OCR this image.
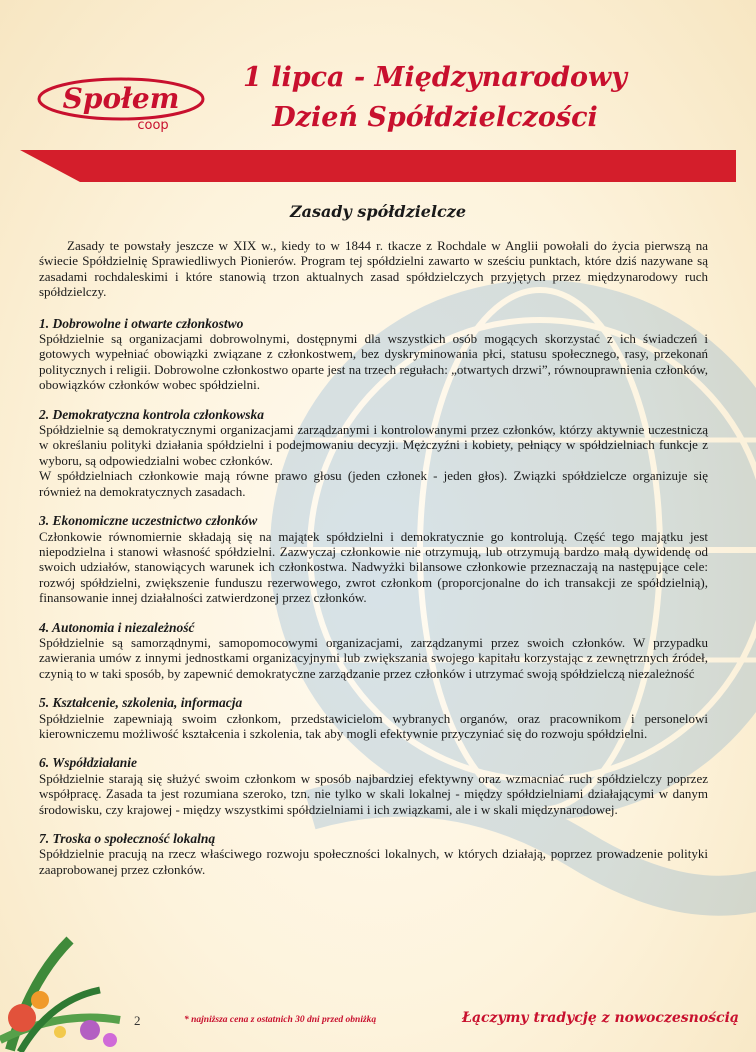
Społem
coop
1 lipca - Międzynarodowy
Dzień Spółdzielczości
Zasady spółdzielcze

Zasady te powstały jeszcze w XIX w., kiedy to w 1844 r. tkacze z Rochdale w Anglii powołali do życia pierwszą na świecie Spółdzielnię Sprawiedliwych Pionierów. Program tej spółdzielni zawarto w sześciu punktach, które dziś nazywane są zasadami rochdaleskimi i które stanowią trzon aktualnych zasad spółdzielczych przyjętych przez międzynarodowy ruch spółdzielczy.

1. Dobrowolne i otwarte członkostwo

Spółdzielnie są organizacjami dobrowolnymi, dostępnymi dla wszystkich osób mogących skorzystać z ich świadczeń i gotowych wypełniać obowiązki związane z członkostwem, bez dyskryminowania płci, statusu społecznego, rasy, przekonań politycznych i religii. Dobrowolne członkostwo oparte jest na trzech regułach: „otwartych drzwi”, równouprawnienia członków, obowiązków członków wobec spółdzielni.

2. Demokratyczna kontrola członkowska

Spółdzielnie są demokratycznymi organizacjami zarządzanymi i kontrolowanymi przez członków, którzy aktywnie uczestniczą w określaniu polityki działania spółdzielni i podejmowaniu decyzji. Mężczyźni i kobiety, pełniący w spółdzielniach funkcje z wyboru, są odpowiedzialni wobec członków.

W spółdzielniach członkowie mają równe prawo głosu (jeden członek - jeden głos). Związki spółdzielcze organizuje się również na demokratycznych zasadach.

3. Ekonomiczne uczestnictwo członków

Członkowie równomiernie składają się na majątek spółdzielni i demokratycznie go kontrolują. Część tego majątku jest niepodzielna i stanowi własność spółdzielni. Zazwyczaj członkowie nie otrzymują, lub otrzymują bardzo małą dywidendę od swoich udziałów, stanowiących warunek ich członkostwa. Nadwyżki bilansowe członkowie przeznaczają na następujące cele: rozwój spółdzielni, zwiększenie funduszu rezerwowego, zwrot członkom (proporcjonalne do ich transakcji ze spółdzielnią), finansowanie innej działalności zatwierdzonej przez członków.

4. Autonomia i niezależność

Spółdzielnie są samorządnymi, samopomocowymi organizacjami, zarządzanymi przez swoich członków. W przypadku zawierania umów z innymi jednostkami organizacyjnymi lub zwiększania swojego kapitału korzystając z zewnętrznych źródeł, czynią to w taki sposób, by zapewnić demokratyczne zarządzanie przez członków i utrzymać swoją spółdzielczą niezależność

5. Kształcenie, szkolenia, informacja

Spółdzielnie zapewniają swoim członkom, przedstawicielom wybranych organów, oraz pracownikom i personelowi kierowniczemu możliwość kształcenia i szkolenia, tak aby mogli efektywnie przyczyniać się do rozwoju spółdzielni.

6. Współdziałanie

Spółdzielnie starają się służyć swoim członkom w sposób najbardziej efektywny oraz wzmacniać ruch spółdzielczy poprzez współpracę. Zasada ta jest rozumiana szeroko, tzn. nie tylko w skali lokalnej - między spółdzielniami działającymi w danym środowisku, czy krajowej - między wszystkimi spółdzielniami i ich związkami, ale i w skali międzynarodowej.

7. Troska o społeczność lokalną

Spółdzielnie pracują na rzecz właściwego rozwoju społeczności lokalnych, w których działają, poprzez prowadzenie polityki zaaprobowanej przez członków.

2	* najniższa cena z ostatnich 30 dni przed obniżką	Łączymy tradycję z nowoczesnością
